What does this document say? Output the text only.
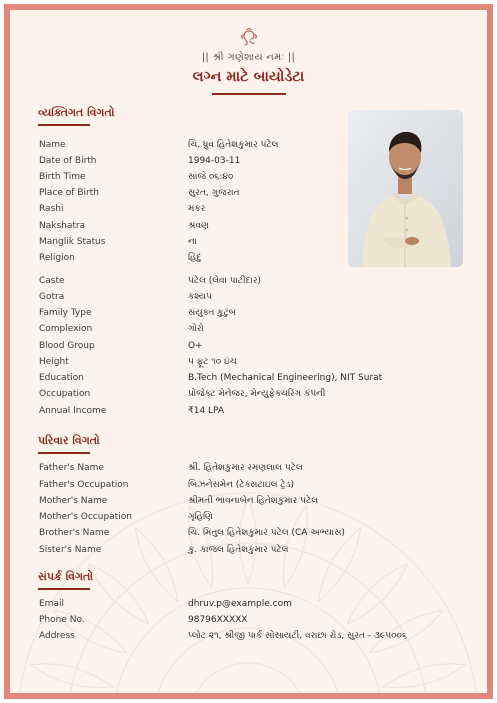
|| શ્રી ગણેશાય નમઃ ||
લગ્ન માટે બાયોડેટા
વ્યક્તિગત વિગતો
Name	ચિ. ધ્રુવ હિતેશકુમાર પટેલ
Date of Birth	1994-03-11
Birth Time	સાંજે ૦૬:૪૦
Place of Birth	સુરત, ગુજરાત
Rashi	મકર
Nakshatra	શ્રવણ
Manglik Status	ના
Religion	હિંદુ
Caste	પટેલ (લેવા પાટીદાર)
Gotra	કશ્યપ
Family Type	સંયુક્ત કુટુંબ
Complexion	ગોરો
Blood Group	O+
Height	૫ ફૂટ ૧૦ ઇંચ
Education	B.Tech (Mechanical Engineering), NIT Surat
Occupation	પ્રોજેક્ટ મેનેજર, મેન્યુફેક્ચરિંગ કંપની
Annual Income	₹14 LPA
પરિવાર વિગતો
Father's Name	શ્રી. હિતેશકુમાર રમણલાલ પટેલ
Father's Occupation	બિઝનેસમેન (ટેક્સટાઇલ ટ્રેડ)
Mother's Name	શ્રીમતી ભાવનાબેન હિતેશકુમાર પટેલ
Mother's Occupation	ગૃહિણિ
Brother's Name	ચિ. મિતુલ હિતેશકુમાર પટેલ (CA અભ્યાસ)
Sister's Name	કુ. કાજલ હિતેશકુમાર પટેલ
સંપર્ક વિગતો
Email	dhruv.p@example.com
Phone No.	98796XXXXX
Address	પ્લોટ ૨૧, શ્રીજી પાર્ક સોસાયટી, વરાછા રોડ, સુરત - ૩૯૫૦૦૬
